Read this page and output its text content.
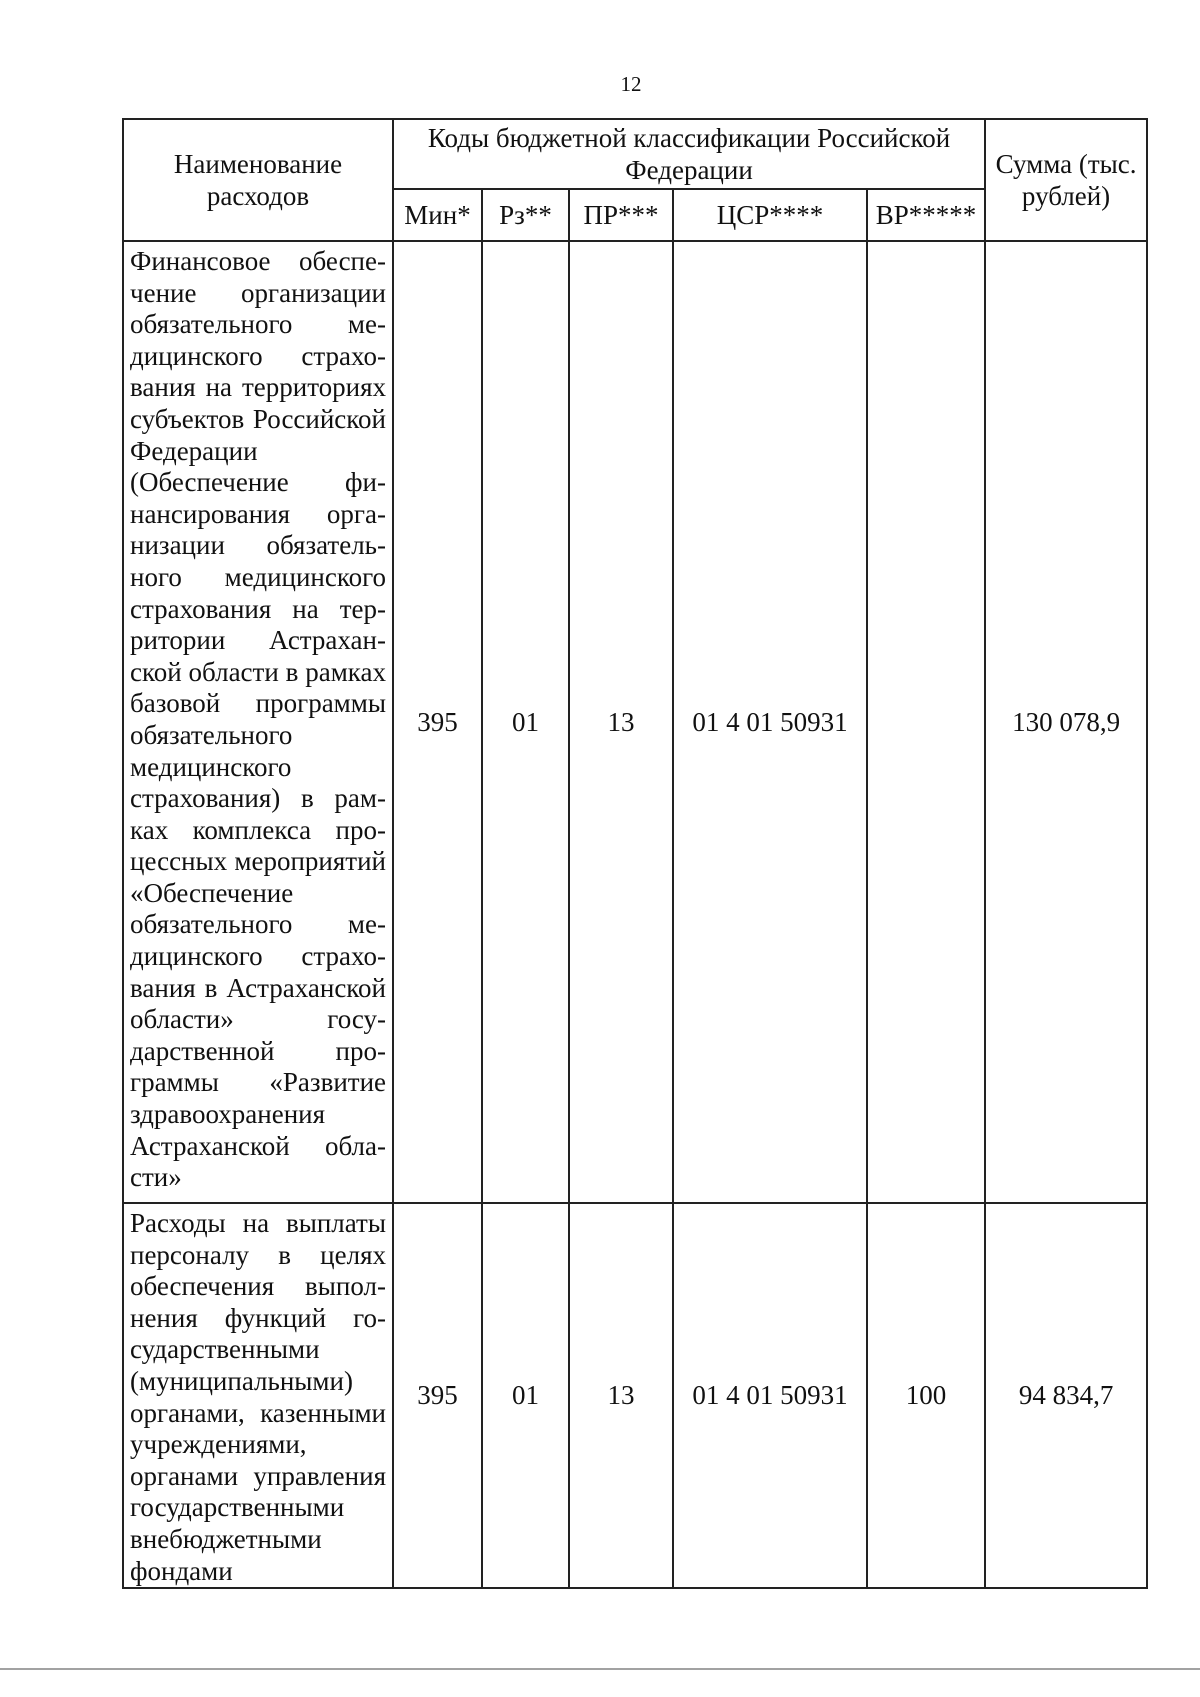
12
Наименование расходов	Коды бюджетной классификации Российской Федерации					Сумма (тыс. рублей)
	Мин*	Рз**	ПР***	ЦСР****	ВР*****	
Финансовое обеспечение организации обязательного медицинского страхования на территориях субъектов Российской Федерации (Обеспечение финансирования организации обязательного медицинского страхования на территории Астраханской области в рамках базовой программы обязательного медицинского страхования) в рамках комплекса процессных мероприятий «Обеспечение обязательного медицинского страхования в Астраханской области» государственной программы «Развитие здравоохранения Астраханской области»	395	01	13	01 4 01 50931		130 078,9
Расходы на выплаты персоналу в целях обеспечения выполнения функций государственными (муниципальными) органами, казенными учреждениями, органами управления государственными внебюджетными фондами	395	01	13	01 4 01 50931	100	94 834,7
